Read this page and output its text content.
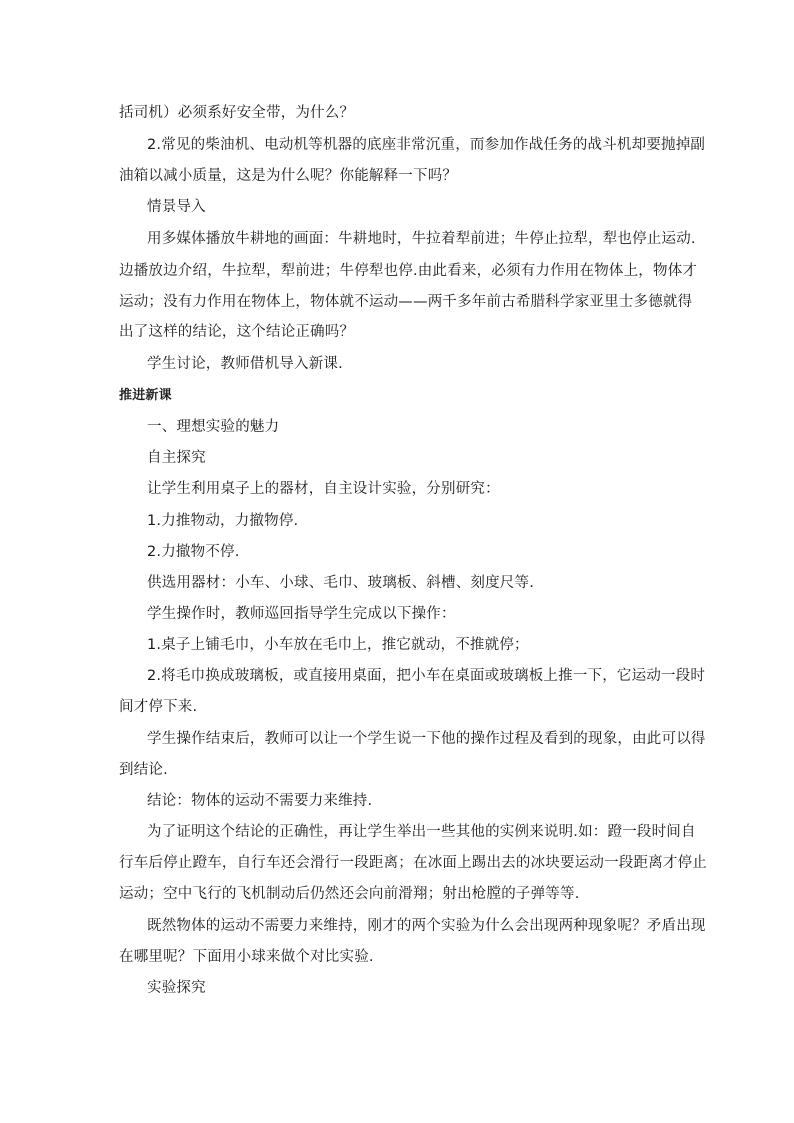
括司机）必须系好安全带，为什么？
2.常见的柴油机、电动机等机器的底座非常沉重，而参加作战任务的战斗机却要抛掉副
油箱以减小质量，这是为什么呢？你能解释一下吗？
情景导入
用多媒体播放牛耕地的画面：牛耕地时，牛拉着犁前进；牛停止拉犁，犁也停止运动.
边播放边介绍，牛拉犁，犁前进；牛停犁也停.由此看来，必须有力作用在物体上，物体才
运动；没有力作用在物体上，物体就不运动——两千多年前古希腊科学家亚里士多德就得
出了这样的结论，这个结论正确吗？
学生讨论，教师借机导入新课.
推进新课
一、理想实验的魅力
自主探究
让学生利用桌子上的器材，自主设计实验，分别研究：
1.力推物动，力撤物停.
2.力撤物不停.
供选用器材：小车、小球、毛巾、玻璃板、斜槽、刻度尺等.
学生操作时，教师巡回指导学生完成以下操作：
1.桌子上铺毛巾，小车放在毛巾上，推它就动，不推就停；
2.将毛巾换成玻璃板，或直接用桌面，把小车在桌面或玻璃板上推一下，它运动一段时
间才停下来.
学生操作结束后，教师可以让一个学生说一下他的操作过程及看到的现象，由此可以得
到结论.
结论：物体的运动不需要力来维持.
为了证明这个结论的正确性，再让学生举出一些其他的实例来说明.如：蹬一段时间自
行车后停止蹬车，自行车还会滑行一段距离；在冰面上踢出去的冰块要运动一段距离才停止
运动；空中飞行的飞机制动后仍然还会向前滑翔；射出枪膛的子弹等等.
既然物体的运动不需要力来维持，刚才的两个实验为什么会出现两种现象呢？矛盾出现
在哪里呢？下面用小球来做个对比实验.
实验探究
